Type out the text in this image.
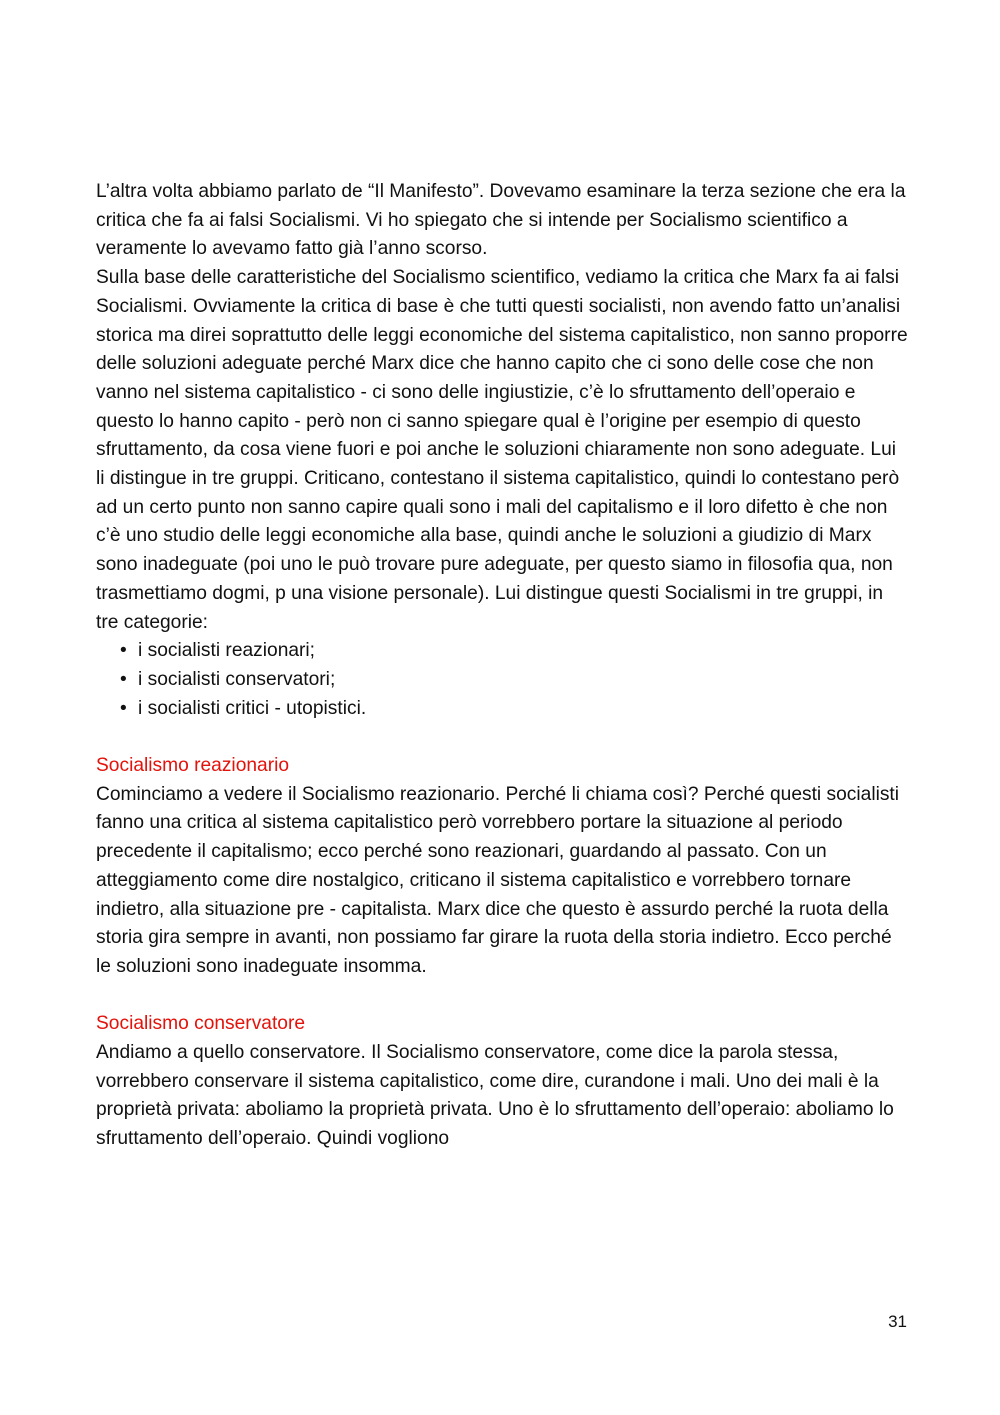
L’altra volta abbiamo parlato de “Il Manifesto”. Dovevamo esaminare la terza sezione che era la critica che fa ai falsi Socialismi. Vi ho spiegato che si intende per Socialismo scientifico a veramente lo avevamo fatto già l’anno scorso.

Sulla base delle caratteristiche del Socialismo scientifico, vediamo la critica che Marx fa ai falsi Socialismi. Ovviamente la critica di base è che tutti questi socialisti, non avendo fatto un’analisi storica ma direi soprattutto delle leggi economiche del sistema capitalistico, non sanno proporre delle soluzioni adeguate perché Marx dice che hanno capito che ci sono delle cose che non vanno nel sistema capitalistico - ci sono delle ingiustizie, c’è lo sfruttamento dell’operaio e questo lo hanno capito - però non ci sanno spiegare qual è l’origine per esempio di questo sfruttamento, da cosa viene fuori e poi anche le soluzioni chiaramente non sono adeguate. Lui li distingue in tre gruppi. Criticano, contestano il sistema capitalistico, quindi lo contestano però ad un certo punto non sanno capire quali sono i mali del capitalismo e il loro difetto è che non c’è uno studio delle leggi economiche alla base, quindi anche le soluzioni a giudizio di Marx sono inadeguate (poi uno le può trovare pure adeguate, per questo siamo in filosofia qua, non trasmettiamo dogmi, p una visione personale). Lui distingue questi Socialismi in tre gruppi, in tre categorie:

• i socialisti reazionari;
• i socialisti conservatori;
• i socialisti critici - utopistici.

Socialismo reazionario

Cominciamo a vedere il Socialismo reazionario. Perché li chiama così? Perché questi socialisti fanno una critica al sistema capitalistico però vorrebbero portare la situazione al periodo precedente il capitalismo; ecco perché sono reazionari, guardando al passato. Con un atteggiamento come dire nostalgico, criticano il sistema capitalistico e vorrebbero tornare indietro, alla situazione pre - capitalista. Marx dice che questo è assurdo perché la ruota della storia gira sempre in avanti, non possiamo far girare la ruota della storia indietro. Ecco perché le soluzioni sono inadeguate insomma.

Socialismo conservatore

Andiamo a quello conservatore. Il Socialismo conservatore, come dice la parola stessa, vorrebbero conservare il sistema capitalistico, come dire, curandone i mali. Uno dei mali è la proprietà privata: aboliamo la proprietà privata. Uno è lo sfruttamento dell’operaio: aboliamo lo sfruttamento dell’operaio. Quindi vogliono

31
